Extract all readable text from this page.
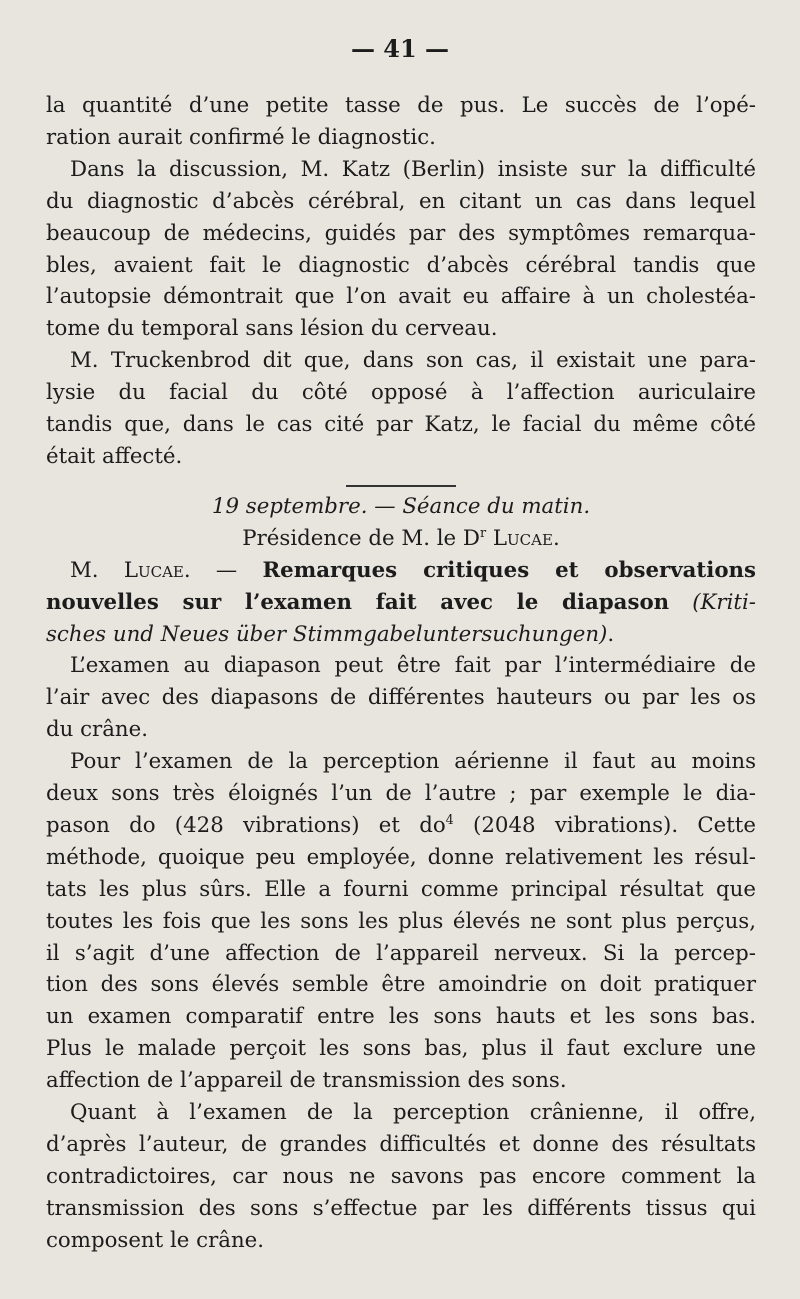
— 41 —

la quantité d’une petite tasse de pus. Le succès de l’opé-

ration aurait confirmé le diagnostic.

Dans la discussion, M. Katz (Berlin) insiste sur la difficulté

du diagnostic d’abcès cérébral, en citant un cas dans lequel

beaucoup de médecins, guidés par des symptômes remarqua-

bles, avaient fait le diagnostic d’abcès cérébral tandis que

l’autopsie démontrait que l’on avait eu affaire à un cholestéa-

tome du temporal sans lésion du cerveau.

M. Truckenbrod dit que, dans son cas, il existait une para-

lysie du facial du côté opposé à l’affection auriculaire

tandis que, dans le cas cité par Katz, le facial du même côté

était affecté.

19 septembre. — Séance du matin.

Présidence de M. le $D^r$ Lucae.

M. Lucae. — Remarques critiques et observations

nouvelles sur l’examen fait avec le diapason (Kriti-

sches und Neues über Stimmgabeluntersuchungen).

L’examen au diapason peut être fait par l’intermédiaire de

l’air avec des diapasons de différentes hauteurs ou par les os

du crâne.

Pour l’examen de la perception aérienne il faut au moins

deux sons très éloignés l’un de l’autre ; par exemple le dia-

pason do (428 vibrations) et $do^4$ (2048 vibrations). Cette

méthode, quoique peu employée, donne relativement les résul-

tats les plus sûrs. Elle a fourni comme principal résultat que

toutes les fois que les sons les plus élevés ne sont plus perçus,

il s’agit d’une affection de l’appareil nerveux. Si la percep-

tion des sons élevés semble être amoindrie on doit pratiquer

un examen comparatif entre les sons hauts et les sons bas.

Plus le malade perçoit les sons bas, plus il faut exclure une

affection de l’appareil de transmission des sons.

Quant à l’examen de la perception crânienne, il offre,

d’après l’auteur, de grandes difficultés et donne des résultats

contradictoires, car nous ne savons pas encore comment la

transmission des sons s’effectue par les différents tissus qui

composent le crâne.
